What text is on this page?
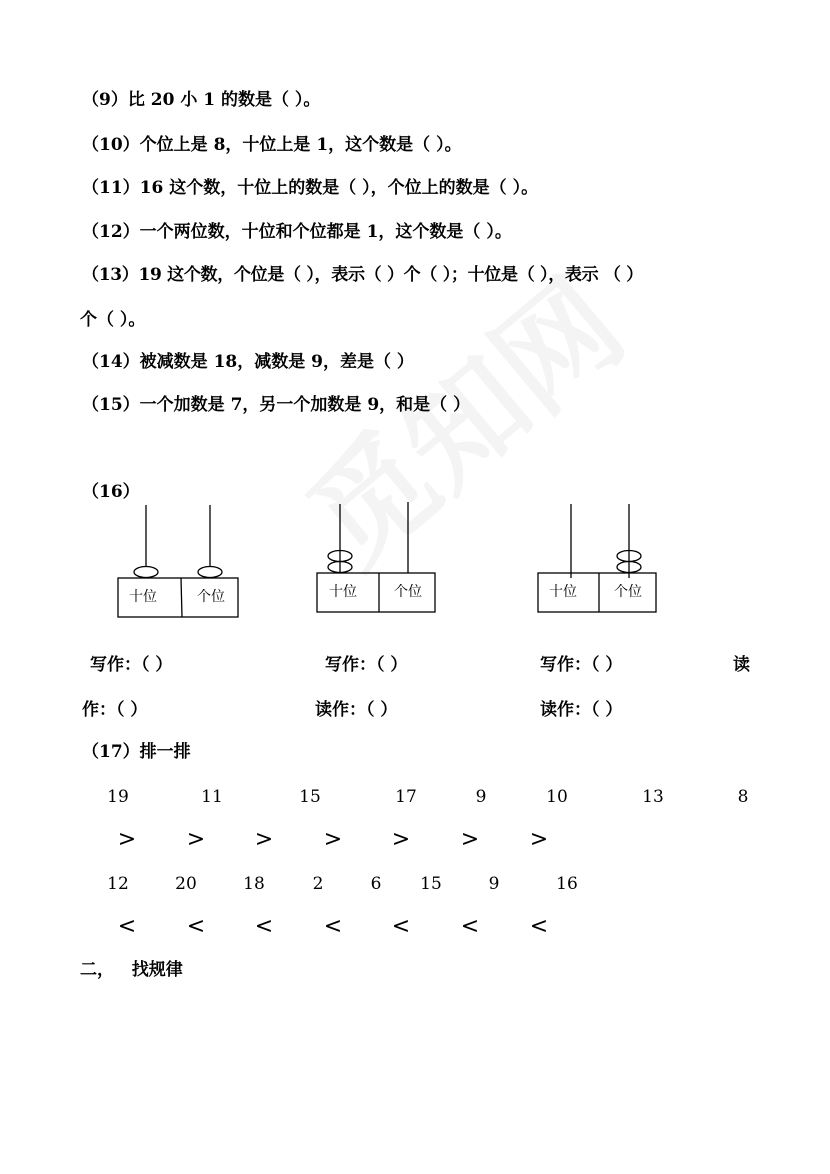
（9）比 20 小 1 的数是（ ）。
（10）个位上是 8，十位上是 1，这个数是（ ）。
（11）16 这个数，十位上的数是（ ），个位上的数是（ ）。
（12）一个两位数，十位和个位都是 1，这个数是（ ）。
（13）19 这个数，个位是（ ），表示（ ）个（ ）；十位是（ ），表示 （ ）
个（ ）。
（14）被减数是 18，减数是 9，差是（ ）
（15）一个加数是 7，另一个加数是 9，和是（ ）
（16）
十位	个位	十位	个位	十位	个位
写作：（ ）	写作：（ ）	写作：（ ）	读
作：（ ）	读作：（ ）	读作：（ ）
（17）排一排
19	11	15	17	9	10	13	8
> > > > > > >
12	20	18	2	6 15	9	16
< < < < < < <
二，   找规律
